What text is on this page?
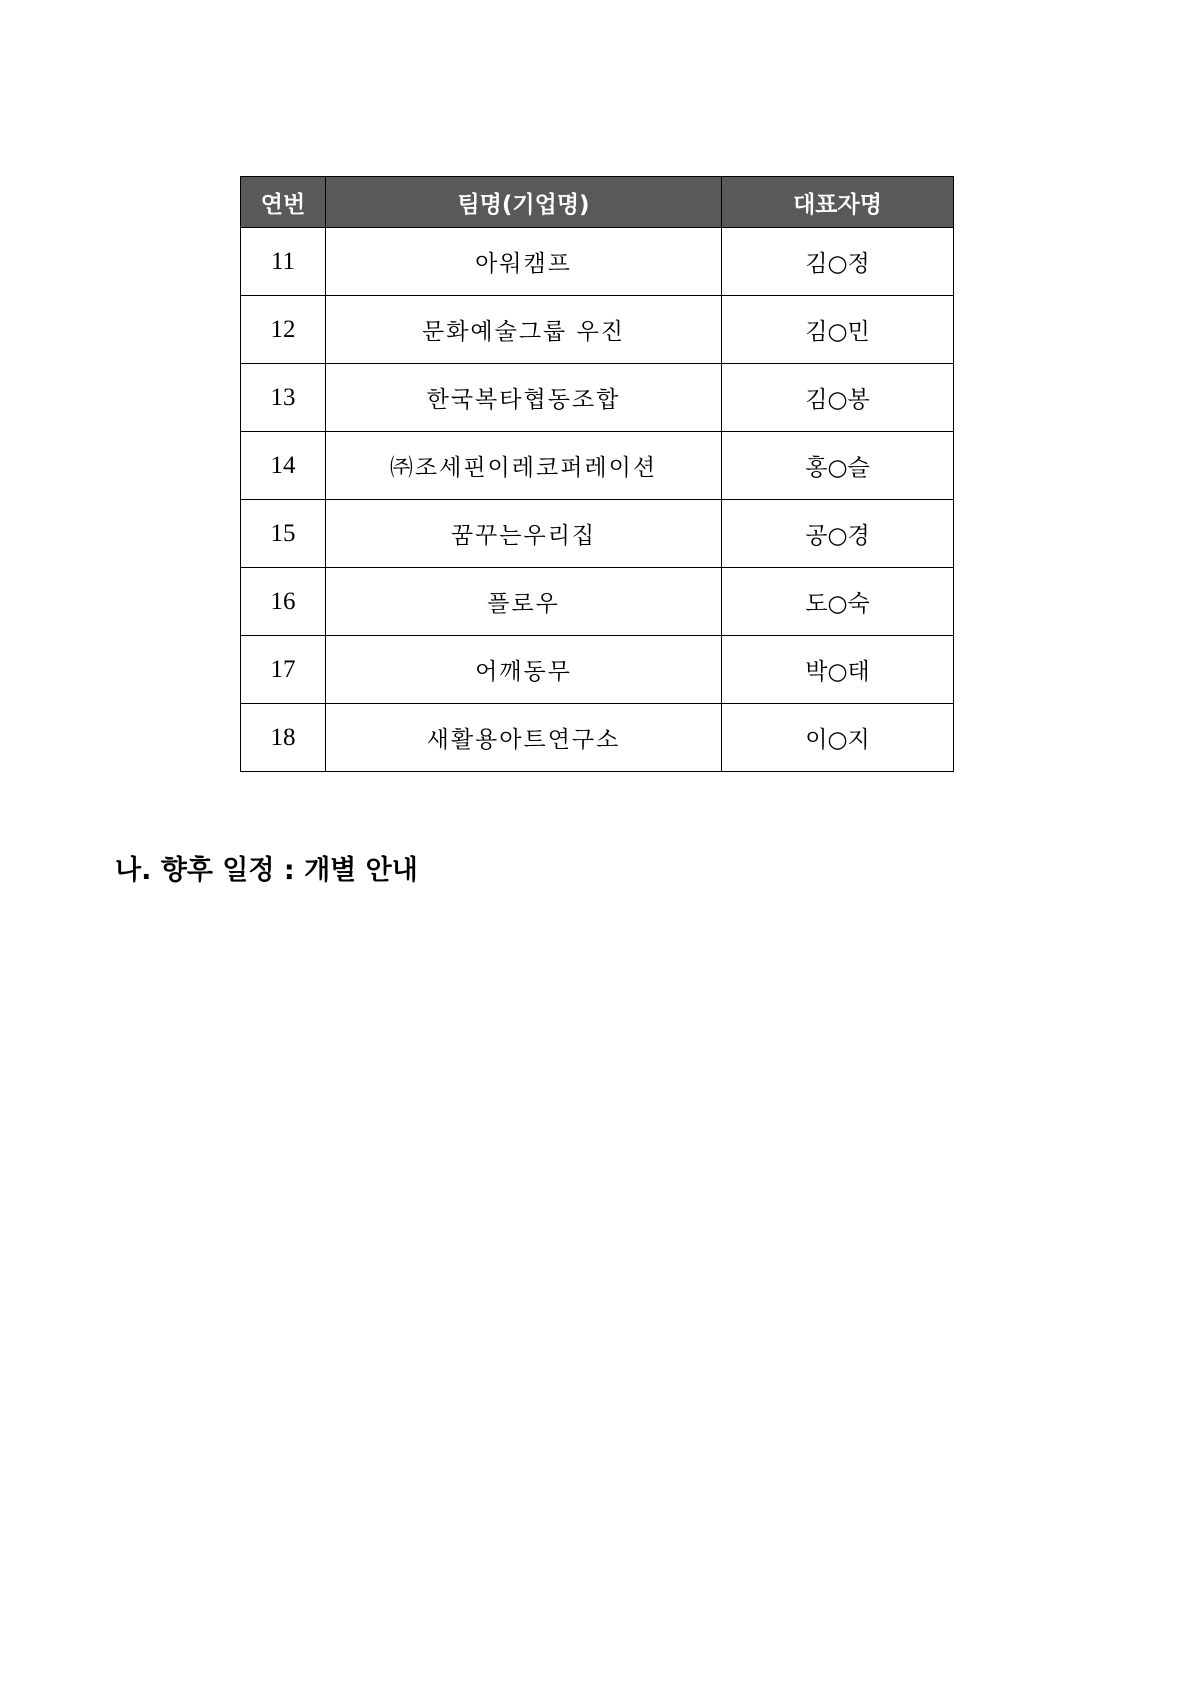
연번	팀명(기업명)	대표자명
11	아워캠프	김○정
12	문화예술그룹 우진	김○민
13	한국복타협동조합	김○봉
14	㈜조세핀이레코퍼레이션	홍○슬
15	꿈꾸는우리집	공○경
16	플로우	도○숙
17	어깨동무	박○태
18	새활용아트연구소	이○지
나. 향후 일정 : 개별 안내
